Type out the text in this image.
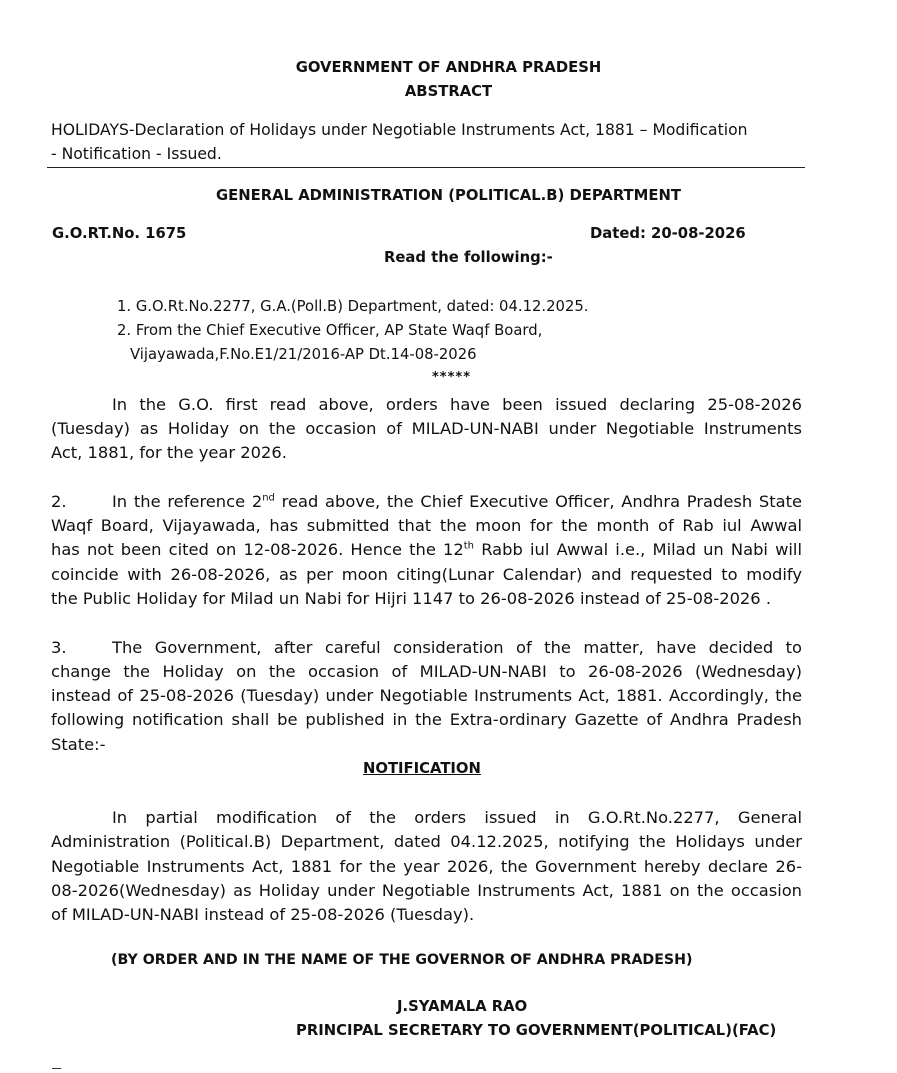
GOVERNMENT OF ANDHRA PRADESH
ABSTRACT
HOLIDAYS-Declaration of Holidays under Negotiable Instruments Act, 1881 – Modification
- Notification - Issued.
GENERAL ADMINISTRATION (POLITICAL.B) DEPARTMENT
G.O.RT.No. 1675	Dated: 20-08-2026
Read the following:-
1. G.O.Rt.No.2277, G.A.(Poll.B) Department, dated: 04.12.2025.
2. From the Chief Executive Officer, AP State Waqf Board,
Vijayawada,F.No.E1/21/2016-AP Dt.14-08-2026
*****
In the G.O. first read above, orders have been issued declaring 25-08-2026
(Tuesday) as Holiday on the occasion of MILAD-UN-NABI under Negotiable Instruments
Act, 1881, for the year 2026.
2.	In the reference 2nd read above, the Chief Executive Officer, Andhra Pradesh State
Waqf Board, Vijayawada, has submitted that the moon for the month of Rab iul Awwal
has not been cited on 12-08-2026. Hence the 12th Rabb iul Awwal i.e., Milad un Nabi will
coincide with 26-08-2026, as per moon citing(Lunar Calendar) and requested to modify
the Public Holiday for Milad un Nabi for Hijri 1147 to 26-08-2026 instead of 25-08-2026 .
3.	The Government, after careful consideration of the matter, have decided to
change the Holiday on the occasion of MILAD-UN-NABI to 26-08-2026 (Wednesday)
instead of 25-08-2026 (Tuesday) under Negotiable Instruments Act, 1881. Accordingly, the
following notification shall be published in the Extra-ordinary Gazette of Andhra Pradesh
State:-
NOTIFICATION
In partial modification of the orders issued in G.O.Rt.No.2277, General
Administration (Political.B) Department, dated 04.12.2025, notifying the Holidays under
Negotiable Instruments Act, 1881 for the year 2026, the Government hereby declare 26-
08-2026(Wednesday) as Holiday under Negotiable Instruments Act, 1881 on the occasion
of MILAD-UN-NABI instead of 25-08-2026 (Tuesday).
(BY ORDER AND IN THE NAME OF THE GOVERNOR OF ANDHRA PRADESH)
J.SYAMALA RAO
PRINCIPAL SECRETARY TO GOVERNMENT(POLITICAL)(FAC)
